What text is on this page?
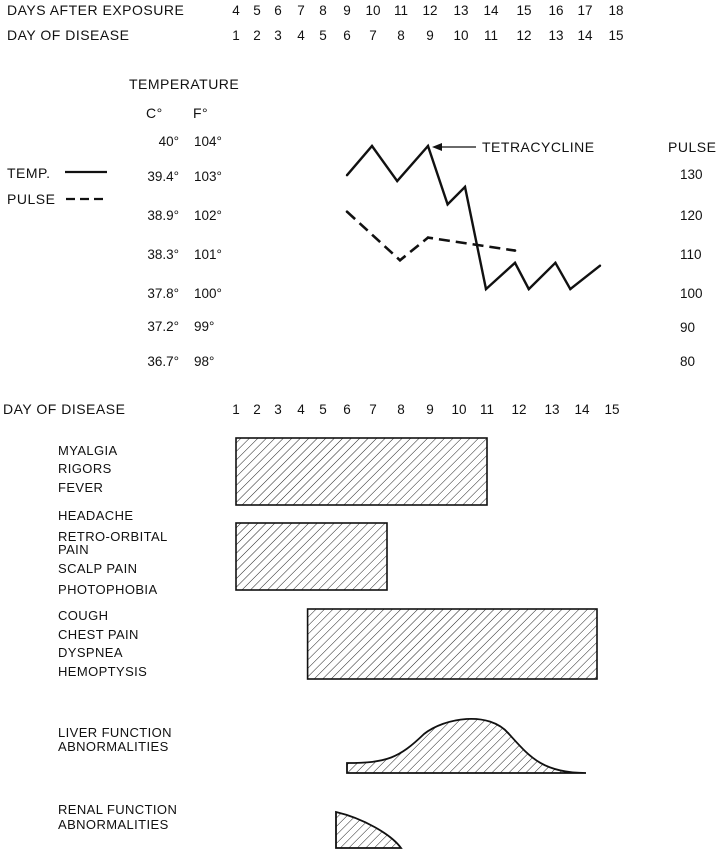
DAYS AFTER EXPOSURE	4 5 6 7 8 9 10 11 12 13 14 15 16 17 18
DAY OF DISEASE	1 2 3 4 5 6 7 8 9 10 11 12 13 14 15
TEMPERATURE
C° F°
PULSE
40°
39.4°
38.9°
38.3°
37.8°
37.2°
36.7°
104°
103°
102°
101°
100°
99°
98°
130
120
110
100
90
80
TEMP.
PULSE
TETRACYCLINE
DAY OF DISEASE	1 2 3 4 5 6 7 8 9 10 11 12 13 14 15
MYALGIA
RIGORS
FEVER
HEADACHE
RETRO-ORBITAL
PAIN
SCALP PAIN
PHOTOPHOBIA
COUGH
CHEST PAIN
DYSPNEA
HEMOPTYSIS
LIVER FUNCTION
ABNORMALITIES
RENAL FUNCTION
ABNORMALITIES
